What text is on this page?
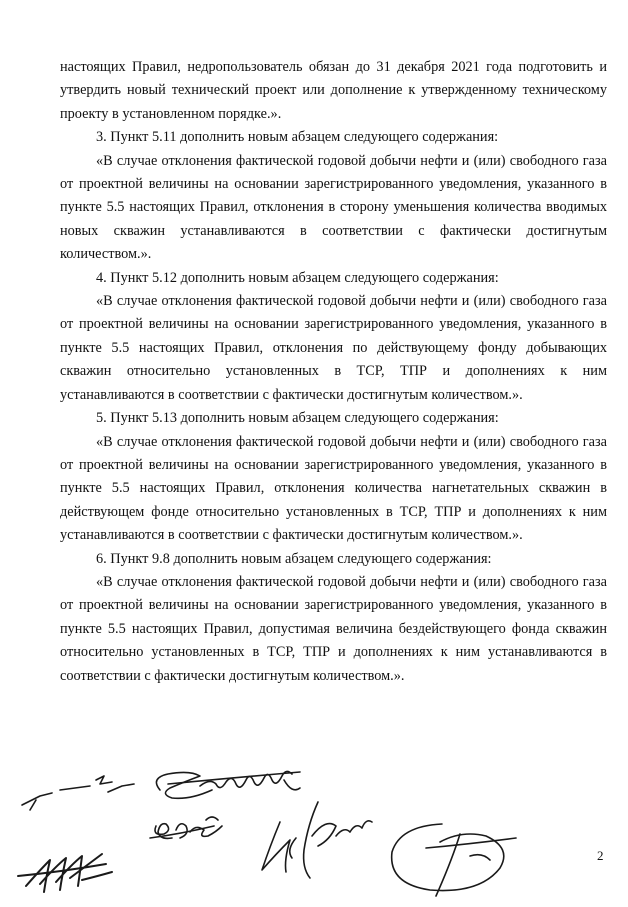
настоящих Правил, недропользователь обязан до 31 декабря 2021 года подготовить и утвердить новый технический проект или дополнение к утвержденному техническому проекту в установленном порядке.».

3. Пункт 5.11 дополнить новым абзацем следующего содержания:

«В случае отклонения фактической годовой добычи нефти и (или) свободного газа от проектной величины на основании зарегистрированного уведомления, указанного в пункте 5.5 настоящих Правил, отклонения в сторону уменьшения количества вводимых новых скважин устанавливаются в соответствии с фактически достигнутым количеством.».

4. Пункт 5.12 дополнить новым абзацем следующего содержания:

«В случае отклонения фактической годовой добычи нефти и (или) свободного газа от проектной величины на основании зарегистрированного уведомления, указанного в пункте 5.5 настоящих Правил, отклонения по действующему фонду добывающих скважин относительно установленных в ТСР, ТПР и дополнениях к ним устанавливаются в соответствии с фактически достигнутым количеством.».

5. Пункт 5.13 дополнить новым абзацем следующего содержания:

«В случае отклонения фактической годовой добычи нефти и (или) свободного газа от проектной величины на основании зарегистрированного уведомления, указанного в пункте 5.5 настоящих Правил, отклонения количества нагнетательных скважин в действующем фонде относительно установленных в ТСР, ТПР и дополнениях к ним устанавливаются в соответствии с фактически достигнутым количеством.».

6. Пункт 9.8 дополнить новым абзацем следующего содержания:

«В случае отклонения фактической годовой добычи нефти и (или) свободного газа от проектной величины на основании зарегистрированного уведомления, указанного в пункте 5.5 настоящих Правил, допустимая величина бездействующего фонда скважин относительно установленных в ТСР, ТПР и дополнениях к ним устанавливаются в соответствии с фактически достигнутым количеством.».

2
